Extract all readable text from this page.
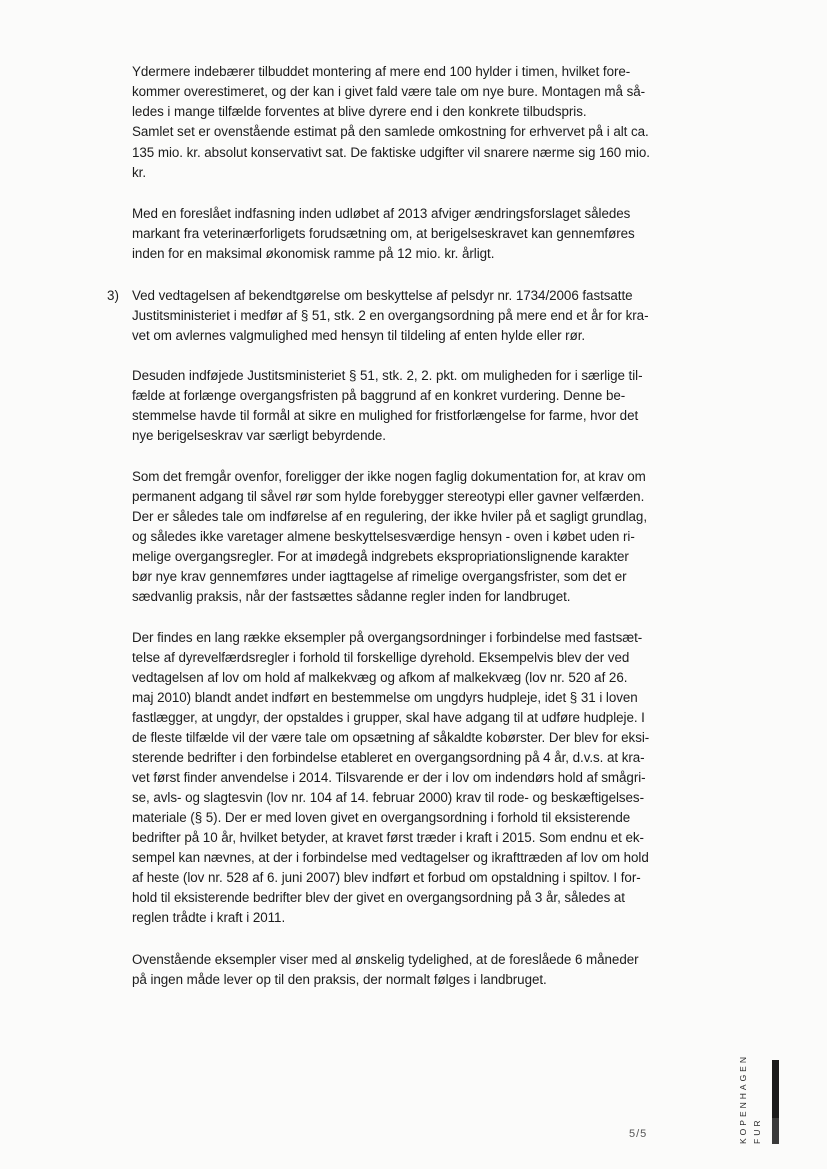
Ydermere indebærer tilbuddet montering af mere end 100 hylder i timen, hvilket fore-
kommer overestimeret, og der kan i givet fald være tale om nye bure. Montagen må så-
ledes i mange tilfælde forventes at blive dyrere end i den konkrete tilbudspris.
Samlet set er ovenstående estimat på den samlede omkostning for erhvervet på i alt ca.
135 mio. kr. absolut konservativt sat. De faktiske udgifter vil snarere nærme sig 160 mio.
kr.
Med en foreslået indfasning inden udløbet af 2013 afviger ændringsforslaget således
markant fra veterinærforligets forudsætning om, at berigelseskravet kan gennemføres
inden for en maksimal økonomisk ramme på 12 mio. kr. årligt.
3) Ved vedtagelsen af bekendtgørelse om beskyttelse af pelsdyr nr. 1734/2006 fastsatte
Justitsministeriet i medfør af § 51, stk. 2 en overgangsordning på mere end et år for kra-
vet om avlernes valgmulighed med hensyn til tildeling af enten hylde eller rør.
Desuden indføjede Justitsministeriet § 51, stk. 2, 2. pkt. om muligheden for i særlige til-
fælde at forlænge overgangsfristen på baggrund af en konkret vurdering. Denne be-
stemmelse havde til formål at sikre en mulighed for fristforlængelse for farme, hvor det
nye berigelseskrav var særligt bebyrdende.
Som det fremgår ovenfor, foreligger der ikke nogen faglig dokumentation for, at krav om
permanent adgang til såvel rør som hylde forebygger stereotypi eller gavner velfærden.
Der er således tale om indførelse af en regulering, der ikke hviler på et sagligt grundlag,
og således ikke varetager almene beskyttelsesværdige hensyn - oven i købet uden ri-
melige overgangsregler. For at imødegå indgrebets ekspropriationslignende karakter
bør nye krav gennemføres under iagttagelse af rimelige overgangsfrister, som det er
sædvanlig praksis, når der fastsættes sådanne regler inden for landbruget.
Der findes en lang række eksempler på overgangsordninger i forbindelse med fastsæt-
telse af dyrevelfærdsregler i forhold til forskellige dyrehold. Eksempelvis blev der ved
vedtagelsen af lov om hold af malkekvæg og afkom af malkekvæg (lov nr. 520 af 26.
maj 2010) blandt andet indført en bestemmelse om ungdyrs hudpleje, idet § 31 i loven
fastlægger, at ungdyr, der opstaldes i grupper, skal have adgang til at udføre hudpleje. I
de fleste tilfælde vil der være tale om opsætning af såkaldte kobørster. Der blev for eksi-
sterende bedrifter i den forbindelse etableret en overgangsordning på 4 år, d.v.s. at kra-
vet først finder anvendelse i 2014. Tilsvarende er der i lov om indendørs hold af smågri-
se, avls- og slagtesvin (lov nr. 104 af 14. februar 2000) krav til rode- og beskæftigelses-
materiale (§ 5). Der er med loven givet en overgangsordning i forhold til eksisterende
bedrifter på 10 år, hvilket betyder, at kravet først træder i kraft i 2015. Som endnu et ek-
sempel kan nævnes, at der i forbindelse med vedtagelser og ikrafttræden af lov om hold
af heste (lov nr. 528 af 6. juni 2007) blev indført et forbud om opstaldning i spiltov. I for-
hold til eksisterende bedrifter blev der givet en overgangsordning på 3 år, således at
reglen trådte i kraft i 2011.
Ovenstående eksempler viser med al ønskelig tydelighed, at de foreslåede 6 måneder
på ingen måde lever op til den praksis, der normalt følges i landbruget.
5/5	KOPENHAGEN FUR
